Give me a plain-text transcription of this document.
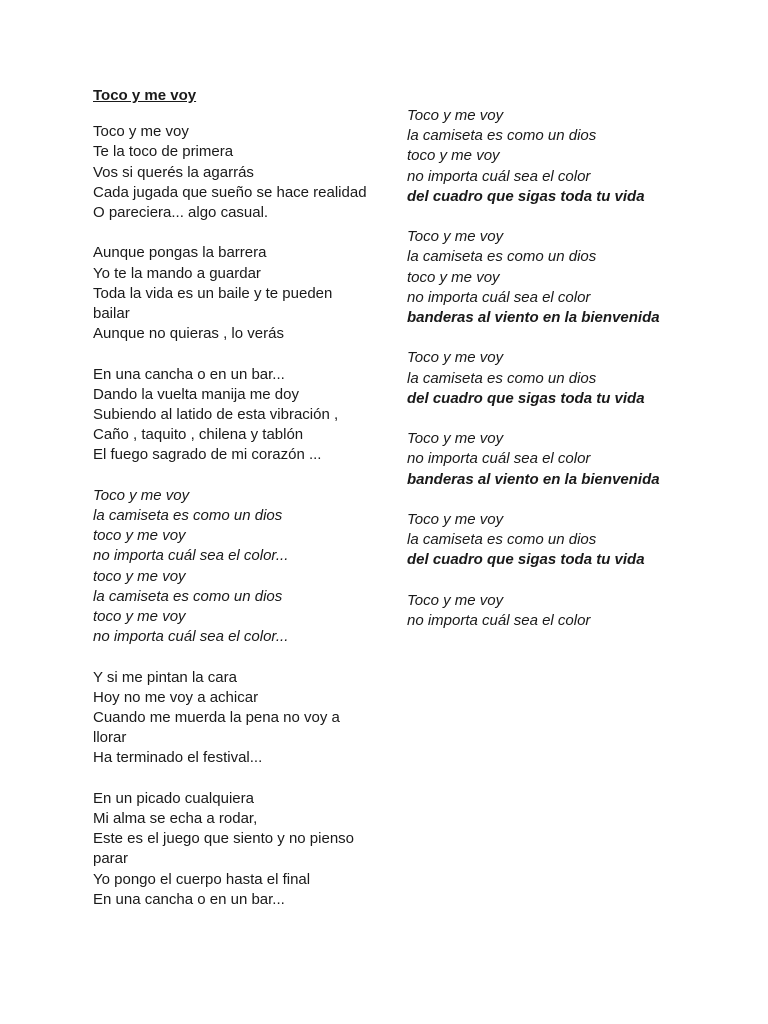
Toco y me voy
Toco y me voy
Te la toco de primera
Vos si querés la agarrás
Cada jugada que sueño se hace realidad
O pareciera... algo casual.
Aunque pongas la barrera
Yo te la mando a guardar
Toda la vida es un baile y te pueden bailar
Aunque no quieras , lo verás
En una cancha o en un bar...
Dando la vuelta manija me doy
Subiendo al latido de esta vibración ,
Caño , taquito , chilena y tablón
El fuego sagrado de mi corazón ...
Toco y me voy
la camiseta es como un dios
toco y me voy
no importa cuál sea el color...
toco y me voy
la camiseta es como un dios
toco y me voy
no importa cuál sea el color...
Y si me pintan la cara
Hoy no me voy a achicar
Cuando me muerda la pena no voy a llorar
Ha terminado el festival...
En un picado cualquiera
Mi alma se echa a rodar,
Este es el juego que siento y no pienso parar
Yo pongo el cuerpo hasta el final
En una cancha o en un bar...
Toco y me voy
la camiseta es como un dios
toco y me voy
no importa cuál sea el color
del cuadro que sigas toda tu vida
Toco y me voy
la camiseta es como un dios
toco y me voy
no importa cuál sea el color
banderas al viento en la bienvenida
Toco y me voy
la camiseta es como un dios
del cuadro que sigas toda tu vida
Toco y me voy
no importa cuál sea el color
banderas al viento en la bienvenida
Toco y me voy
la camiseta es como un dios
del cuadro que sigas toda tu vida
Toco y me voy
no importa cuál sea el color
